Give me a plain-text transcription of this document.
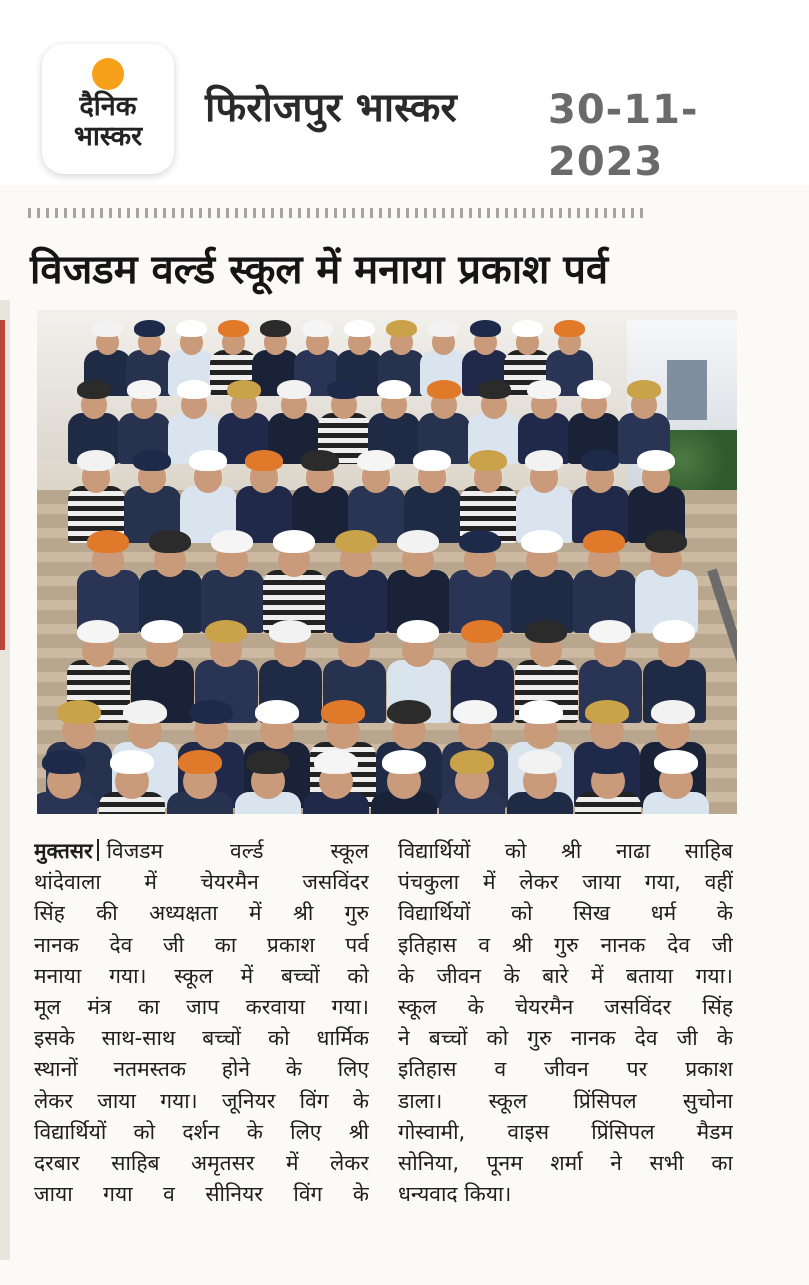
दैनिक
भास्कर
फिरोजपुर भास्कर 30-11-2023
विजडम वर्ल्ड स्कूल में मनाया प्रकाश पर्व
मुक्तसर विजडम वर्ल्ड स्कूल
थांदेवाला में चेयरमैन जसविंदर
सिंह की अध्यक्षता में श्री गुरु
नानक देव जी का प्रकाश पर्व
मनाया गया। स्कूल में बच्चों को
मूल मंत्र का जाप करवाया गया।
इसके साथ-साथ बच्चों को धार्मिक
स्थानों नतमस्तक होने के लिए
लेकर जाया गया। जूनियर विंग के
विद्यार्थियों को दर्शन के लिए श्री
दरबार साहिब अमृतसर में लेकर
जाया गया व सीनियर विंग के
विद्यार्थियों को श्री नाढा साहिब
पंचकुला में लेकर जाया गया, वहीं
विद्यार्थियों को सिख धर्म के
इतिहास व श्री गुरु नानक देव जी
के जीवन के बारे में बताया गया।
स्कूल के चेयरमैन जसविंदर सिंह
ने बच्चों को गुरु नानक देव जी के
इतिहास व जीवन पर प्रकाश
डाला। स्कूल प्रिंसिपल सुचोना
गोस्वामी, वाइस प्रिंसिपल मैडम
सोनिया, पूनम शर्मा ने सभी का
धन्यवाद किया।
